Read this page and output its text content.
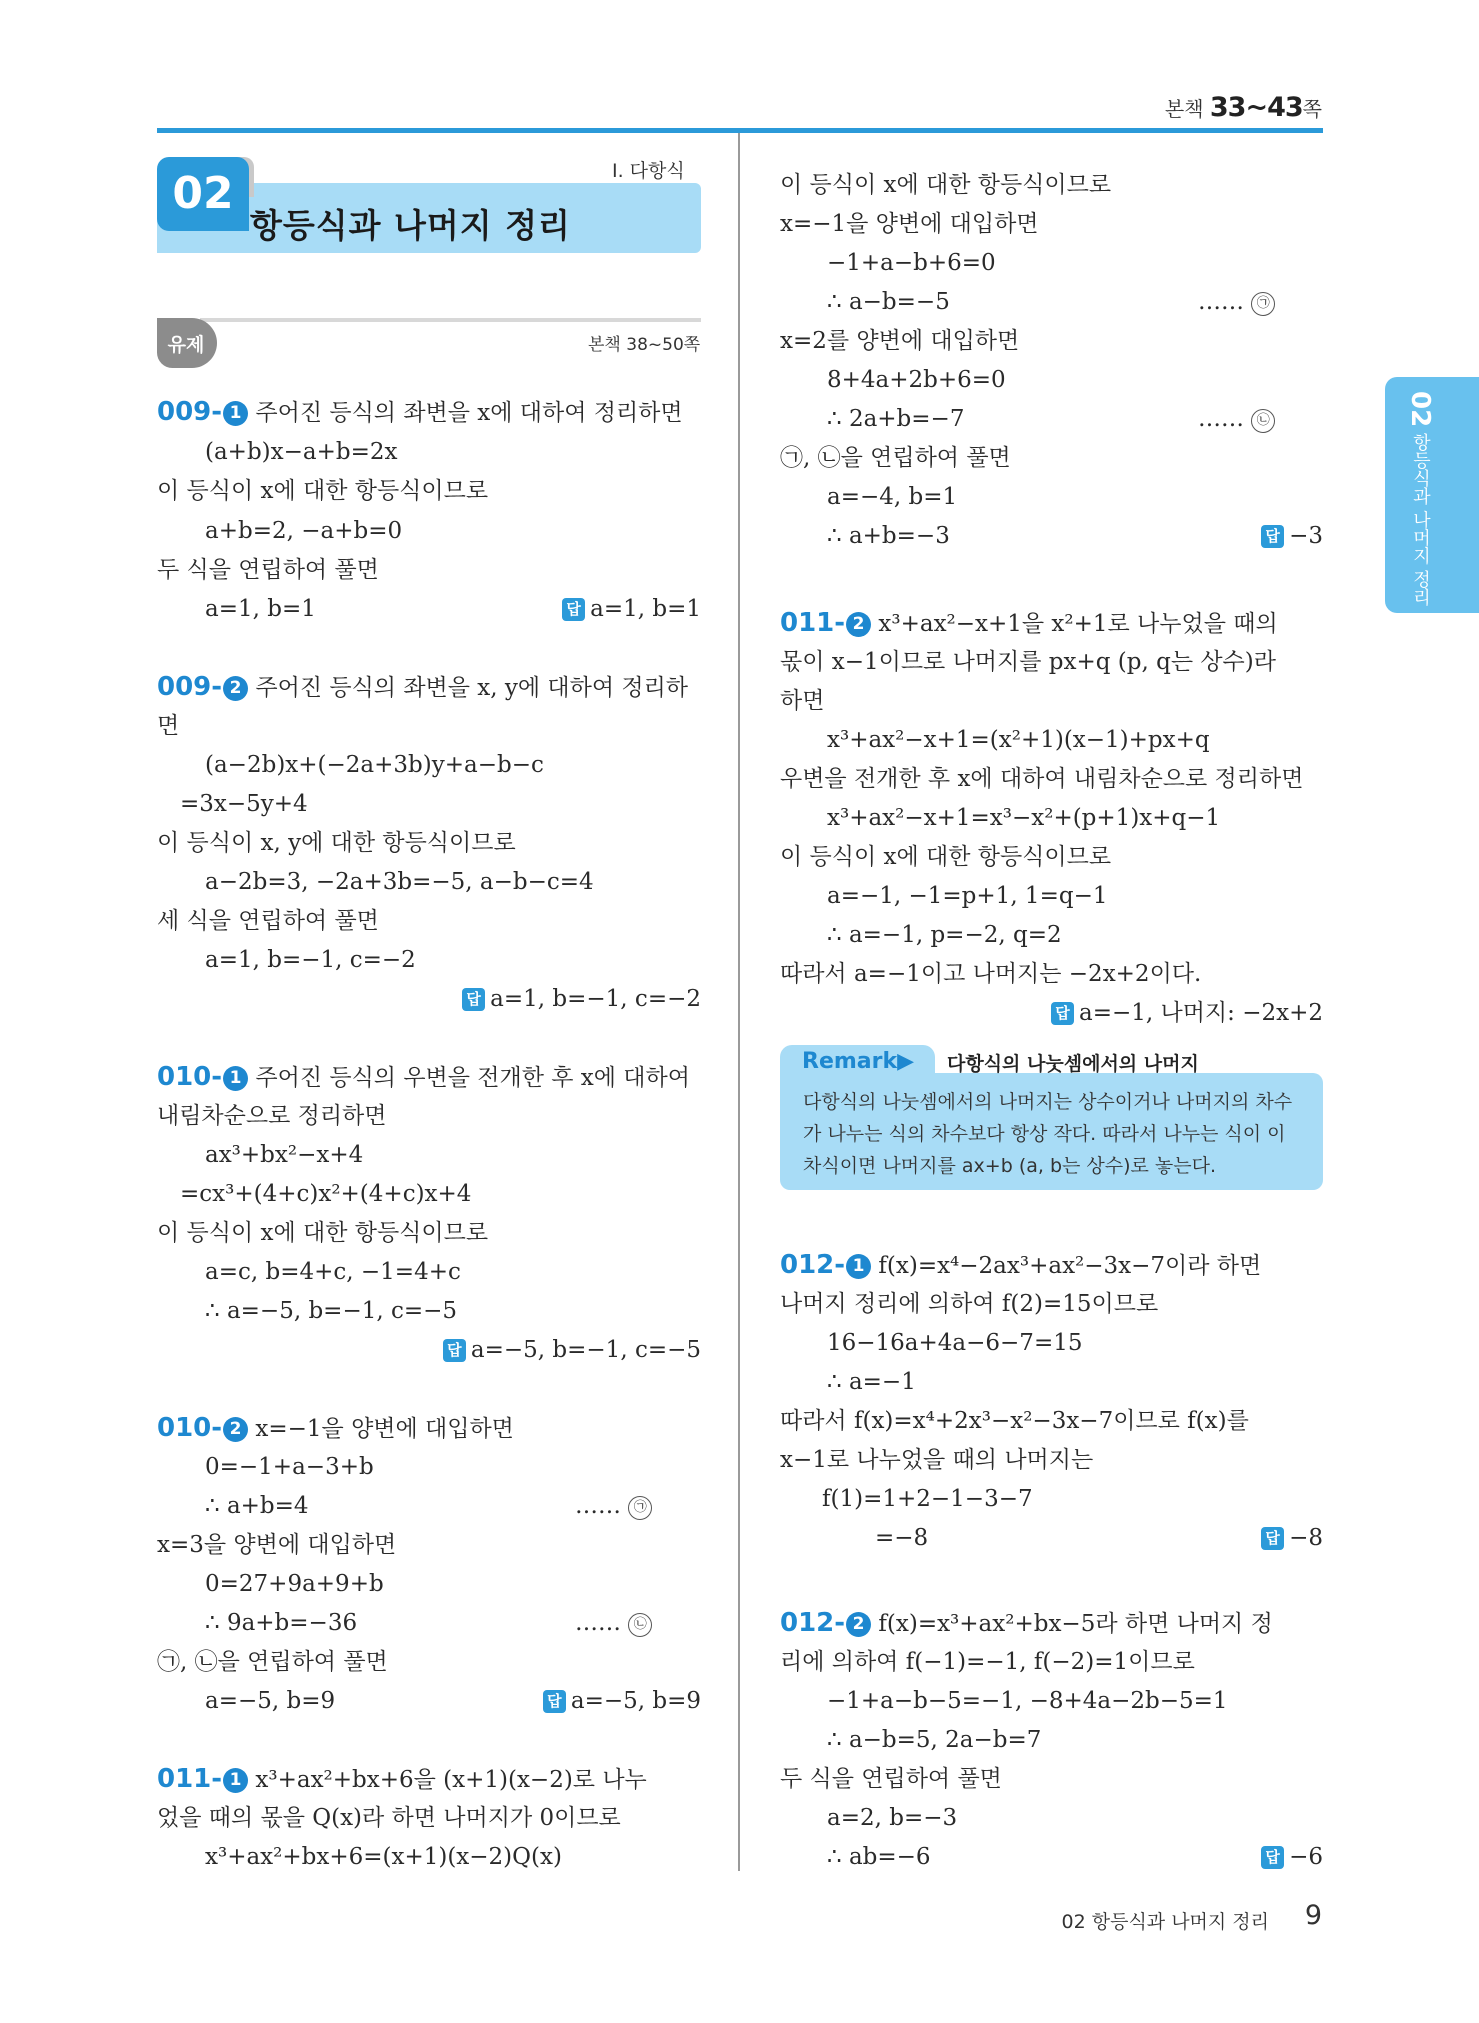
본책 33~43쪽
02 항등식과 나머지 정리
02
항등식과 나머지 정리
Ⅰ. 다항식
유제	본책 38~50쪽
009- 1 주어진 등식의 좌변을 x에 대하여 정리하면
(a+b)x−a+b=2x
이 등식이 x에 대한 항등식이므로
a+b=2, −a+b=0
두 식을 연립하여 풀면
a=1, b=1	답 a=1, b=1
009- 2 주어진 등식의 좌변을 x, y에 대하여 정리하
면
(a−2b)x+(−2a+3b)y+a−b−c
=3x−5y+4
이 등식이 x, y에 대한 항등식이므로
a−2b=3, −2a+3b=−5, a−b−c=4
세 식을 연립하여 풀면
a=1, b=−1, c=−2
답 a=1, b=−1, c=−2
010- 1 주어진 등식의 우변을 전개한 후 x에 대하여
내림차순으로 정리하면
ax³+bx²−x+4
=cx³+(4+c)x²+(4+c)x+4
이 등식이 x에 대한 항등식이므로
a=c, b=4+c, −1=4+c
∴ a=−5, b=−1, c=−5
답 a=−5, b=−1, c=−5
010- 2 x=−1을 양변에 대입하면
0=−1+a−3+b
∴ a+b=4	…… ㉠
x=3을 양변에 대입하면
0=27+9a+9+b
∴ 9a+b=−36	…… ㉡
㉠, ㉡을 연립하여 풀면
a=−5, b=9	답 a=−5, b=9
011- 1 x³+ax²+bx+6을 (x+1)(x−2)로 나누
었을 때의 몫을 Q(x)라 하면 나머지가 0이므로
x³+ax²+bx+6=(x+1)(x−2)Q(x)
이 등식이 x에 대한 항등식이므로
x=−1을 양변에 대입하면
−1+a−b+6=0
∴ a−b=−5	…… ㉠
x=2를 양변에 대입하면
8+4a+2b+6=0
∴ 2a+b=−7	…… ㉡
㉠, ㉡을 연립하여 풀면
a=−4, b=1
∴ a+b=−3	답 −3
011- 2 x³+ax²−x+1을 x²+1로 나누었을 때의
몫이 x−1이므로 나머지를 px+q (p, q는 상수)라
하면
x³+ax²−x+1=(x²+1)(x−1)+px+q
우변을 전개한 후 x에 대하여 내림차순으로 정리하면
x³+ax²−x+1=x³−x²+(p+1)x+q−1
이 등식이 x에 대한 항등식이므로
a=−1, −1=p+1, 1=q−1
∴ a=−1, p=−2, q=2
따라서 a=−1이고 나머지는 −2x+2이다.
답 a=−1, 나머지: −2x+2
Remark▶ 다항식의 나눗셈에서의 나머지
다항식의 나눗셈에서의 나머지는 상수이거나 나머지의 차수
가 나누는 식의 차수보다 항상 작다. 따라서 나누는 식이 이
차식이면 나머지를 ax+b (a, b는 상수)로 놓는다.
012- 1 f(x)=x⁴−2ax³+ax²−3x−7이라 하면
나머지 정리에 의하여 f(2)=15이므로
16−16a+4a−6−7=15
∴ a=−1
따라서 f(x)=x⁴+2x³−x²−3x−7이므로 f(x)를
x−1로 나누었을 때의 나머지는
f(1)=1+2−1−3−7
=−8	답 −8
012- 2 f(x)=x³+ax²+bx−5라 하면 나머지 정
리에 의하여 f(−1)=−1, f(−2)=1이므로
−1+a−b−5=−1, −8+4a−2b−5=1
∴ a−b=5, 2a−b=7
두 식을 연립하여 풀면
a=2, b=−3
∴ ab=−6	답 −6
02 항등식과 나머지 정리 9
